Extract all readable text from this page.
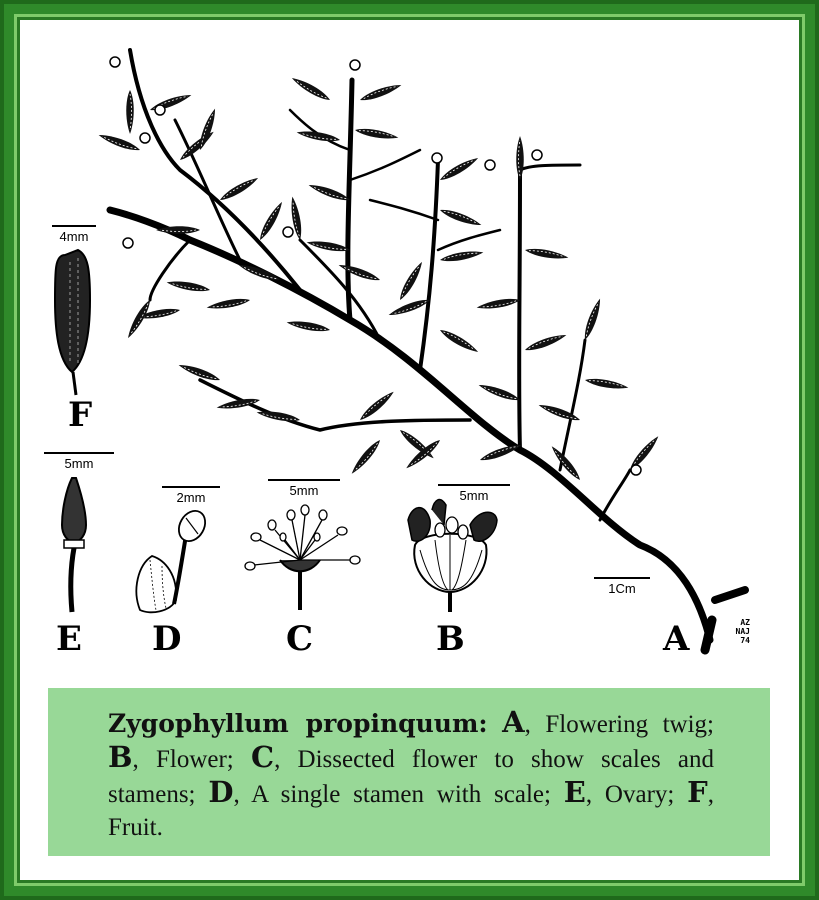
4mm
5mm
2mm	5mm	5mm
1Cm
F
E D	C	B	A	AZ
NAJ
74
Zygophyllum propinquum: A, Flowering twig; B, Flower; C, Dissected flower to show scales and stamens; D, A single stamen with scale; E, Ovary; F, Fruit.
